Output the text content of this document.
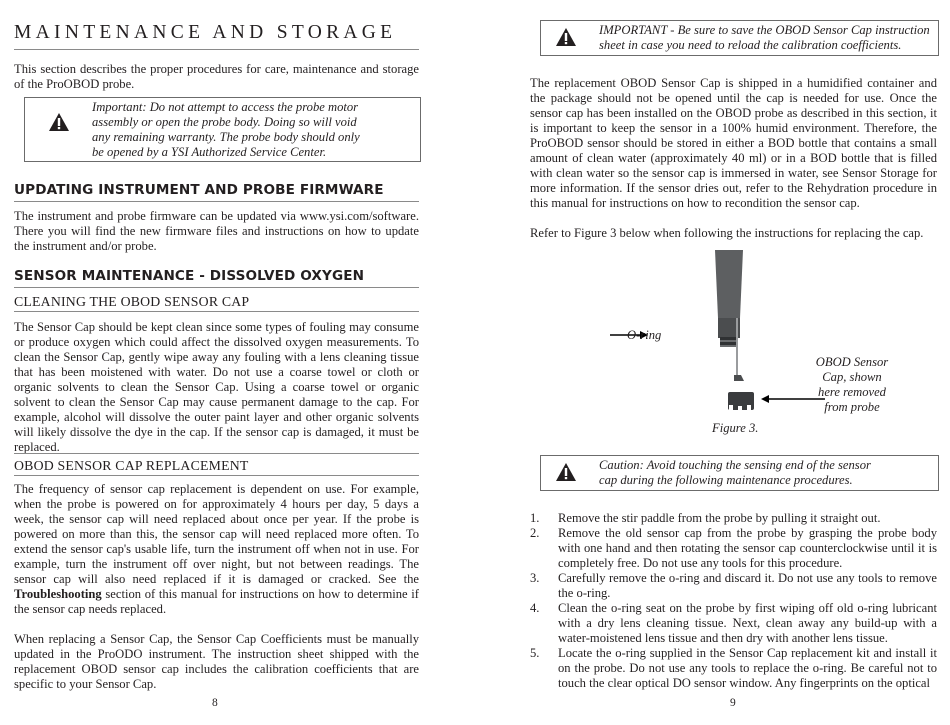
MAINTENANCE AND STORAGE

This section describes the proper procedures for care, maintenance and storage of the ProOBOD probe.

Important: Do not attempt to access the probe motor
assembly or open the probe body. Doing so will void
any remaining warranty. The probe body should only
be opened by a YSI Authorized Service Center.
UPDATING INSTRUMENT AND PROBE FIRMWARE

The instrument and probe firmware can be updated via www.ysi.com/software. There you will find the new firmware files and instructions on how to update the instrument and/or probe.

SENSOR MAINTENANCE - DISSOLVED OXYGEN
CLEANING THE OBOD SENSOR CAP

The Sensor Cap should be kept clean since some types of fouling may consume or produce oxygen which could affect the dissolved oxygen measurements. To clean the Sensor Cap, gently wipe away any fouling with a lens cleaning tissue that has been moistened with water. Do not use a coarse towel or cloth or organic solvents to clean the Sensor Cap. Using a coarse towel or organic solvent to clean the Sensor Cap may cause permanent damage to the cap. For example, alcohol will dissolve the outer paint layer and other organic solvents will likely dissolve the dye in the cap. If the sensor cap is damaged, it must be replaced.

OBOD SENSOR CAP REPLACEMENT

The frequency of sensor cap replacement is dependent on use. For example, when the probe is powered on for approximately 4 hours per day, 5 days a week, the sensor cap will need replaced about once per year. If the probe is powered on more than this, the sensor cap will need replaced more often. To extend the sensor cap's usable life, turn the instrument off when not in use. For example, turn the instrument off over night, but not between readings. The sensor cap will also need replaced if it is damaged or cracked. See the Troubleshooting section of this manual for instructions on how to determine if the sensor cap needs replaced.

When replacing a Sensor Cap, the Sensor Cap Coefficients must be manually updated in the ProODO instrument. The instruction sheet shipped with the replacement OBOD sensor cap includes the calibration coefficients that are specific to your Sensor Cap.

8
IMPORTANT - Be sure to save the OBOD Sensor Cap instruction
sheet in case you need to reload the calibration coefficients.

The replacement OBOD Sensor Cap is shipped in a humidified container and the package should not be opened until the cap is needed for use. Once the sensor cap has been installed on the OBOD probe as described in this section, it is important to keep the sensor in a 100% humid environment. Therefore, the ProOBOD sensor should be stored in either a BOD bottle that contains a small amount of clean water (approximately 40 ml) or in a BOD bottle that is filled with clean water so the sensor cap is immersed in water, see Sensor Storage for more information. If the sensor dries out, refer to the Rehydration procedure in this manual for instructions on how to recondition the sensor cap.

Refer to Figure 3 below when following the instructions for replacing the cap.

O-ring
OBOD Sensor
Cap, shown
here removed
from probe
Figure 3.
Caution: Avoid touching the sensing end of the sensor
cap during the following maintenance procedures.
1. Remove the stir paddle from the probe by pulling it straight out.
2. Remove the old sensor cap from the probe by grasping the probe body with one hand and then rotating the sensor cap counterclockwise until it is completely free. Do not use any tools for this procedure.
3. Carefully remove the o-ring and discard it. Do not use any tools to remove the o-ring.
4. Clean the o-ring seat on the probe by first wiping off old o-ring lubricant with a dry lens cleaning tissue. Next, clean away any build-up with a water-moistened lens tissue and then dry with another lens tissue.
5. Locate the o-ring supplied in the Sensor Cap replacement kit and install it on the probe. Do not use any tools to replace the o-ring. Be careful not to touch the clear optical DO sensor window. Any fingerprints on the optical
9
